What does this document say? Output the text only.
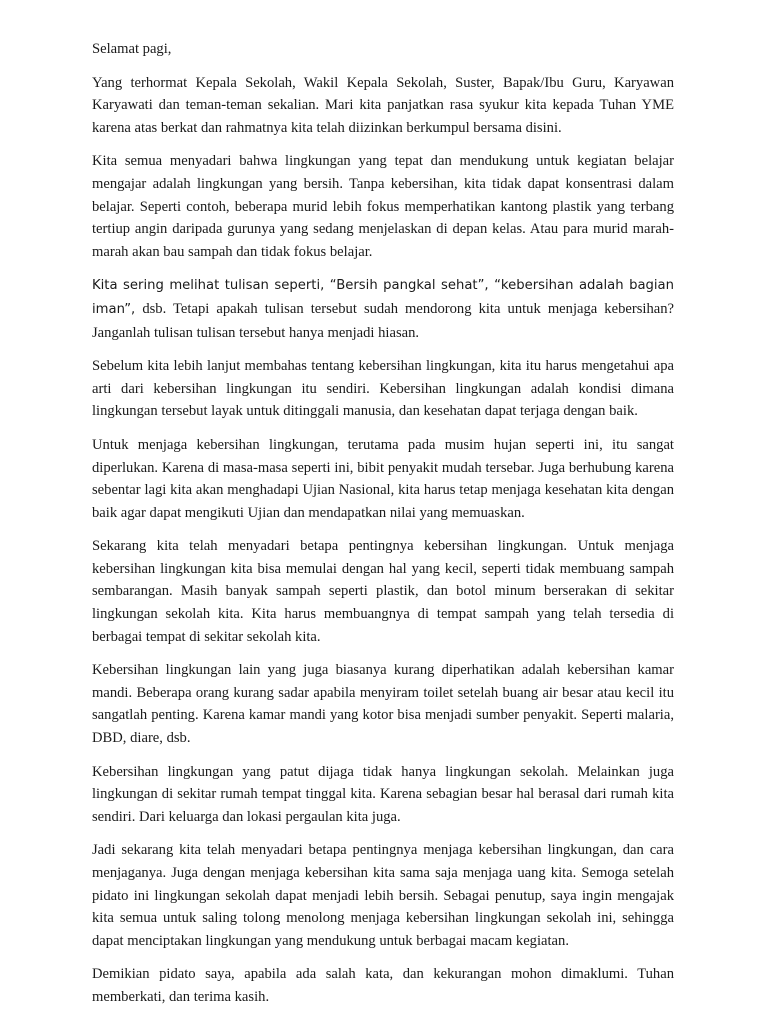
Selamat pagi,

Yang terhormat Kepala Sekolah, Wakil Kepala Sekolah, Suster, Bapak/Ibu Guru, Karyawan Karyawati dan teman-teman sekalian. Mari kita panjatkan rasa syukur kita kepada Tuhan YME karena atas berkat dan rahmatnya kita telah diizinkan berkumpul bersama disini.

Kita semua menyadari bahwa lingkungan yang tepat dan mendukung untuk kegiatan belajar mengajar adalah lingkungan yang bersih. Tanpa kebersihan, kita tidak dapat konsentrasi dalam belajar. Seperti contoh, beberapa murid lebih fokus memperhatikan kantong plastik yang terbang tertiup angin daripada gurunya yang sedang menjelaskan di depan kelas. Atau para murid marah-marah akan bau sampah dan tidak fokus belajar.

Kita sering melihat tulisan seperti, “Bersih pangkal sehat”, “kebersihan adalah bagian iman”, dsb. Tetapi apakah tulisan tersebut sudah mendorong kita untuk menjaga kebersihan? Janganlah tulisan tulisan tersebut hanya menjadi hiasan.

Sebelum kita lebih lanjut membahas tentang kebersihan lingkungan, kita itu harus mengetahui apa arti dari kebersihan lingkungan itu sendiri. Kebersihan lingkungan adalah kondisi dimana lingkungan tersebut layak untuk ditinggali manusia, dan kesehatan dapat terjaga dengan baik.

Untuk menjaga kebersihan lingkungan, terutama pada musim hujan seperti ini, itu sangat diperlukan. Karena di masa-masa seperti ini, bibit penyakit mudah tersebar. Juga berhubung karena sebentar lagi kita akan menghadapi Ujian Nasional, kita harus tetap menjaga kesehatan kita dengan baik agar dapat mengikuti Ujian dan mendapatkan nilai yang memuaskan.

Sekarang kita telah menyadari betapa pentingnya kebersihan lingkungan. Untuk menjaga kebersihan lingkungan kita bisa memulai dengan hal yang kecil, seperti tidak membuang sampah sembarangan. Masih banyak sampah seperti plastik, dan botol minum berserakan di sekitar lingkungan sekolah kita. Kita harus membuangnya di tempat sampah yang telah tersedia di berbagai tempat di sekitar sekolah kita.

Kebersihan lingkungan lain yang juga biasanya kurang diperhatikan adalah kebersihan kamar mandi. Beberapa orang kurang sadar apabila menyiram toilet setelah buang air besar atau kecil itu sangatlah penting. Karena kamar mandi yang kotor bisa menjadi sumber penyakit. Seperti malaria, DBD, diare, dsb.

Kebersihan lingkungan yang patut dijaga tidak hanya lingkungan sekolah. Melainkan juga lingkungan di sekitar rumah tempat tinggal kita. Karena sebagian besar hal berasal dari rumah kita sendiri. Dari keluarga dan lokasi pergaulan kita juga.

Jadi sekarang kita telah menyadari betapa pentingnya menjaga kebersihan lingkungan, dan cara menjaganya. Juga dengan menjaga kebersihan kita sama saja menjaga uang kita. Semoga setelah pidato ini lingkungan sekolah dapat menjadi lebih bersih. Sebagai penutup, saya ingin mengajak kita semua untuk saling tolong menolong menjaga kebersihan lingkungan sekolah ini, sehingga dapat menciptakan lingkungan yang mendukung untuk berbagai macam kegiatan.

Demikian pidato saya, apabila ada salah kata, dan kekurangan mohon dimaklumi. Tuhan memberkati, dan terima kasih.
